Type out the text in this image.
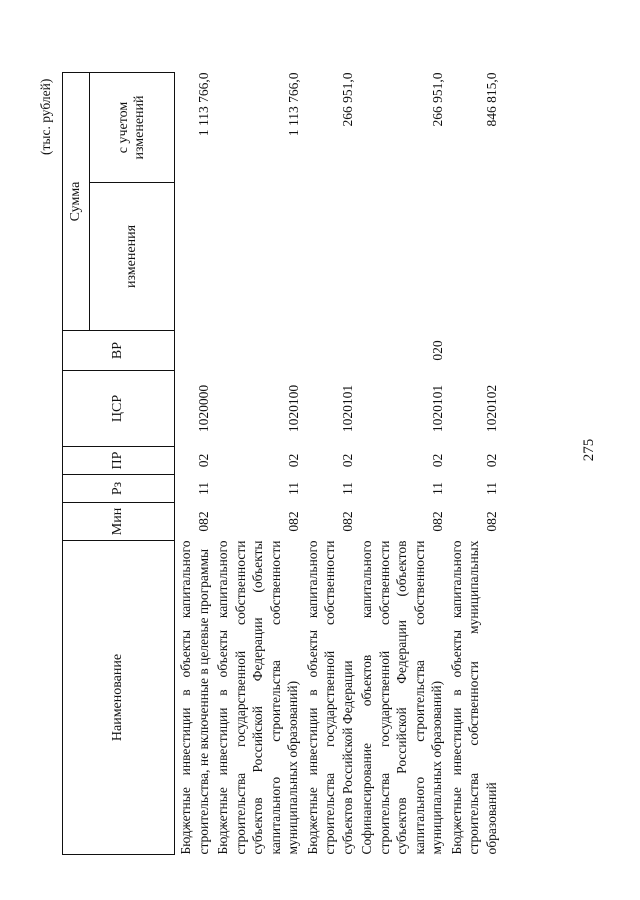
275
(тыс. рублей)
Наименование	Мин	Рз	ПР	ЦСР	ВР	Сумма	
						изменения	с учетом изменений
Бюджетные инвестиции в объекты капитального строительства, не включенные в целевые программы	082	11	02	1020000			1 113 766,0
Бюджетные инвестиции в объекты капитального строительства государственной собственности субъектов Российской Федерации (объекты капитального строительства собственности муниципальных образований)	082	11	02	1020100			1 113 766,0
Бюджетные инвестиции в объекты капитального строительства государственной собственности субъектов Российской Федерации	082	11	02	1020101			266 951,0
Софинансирование объектов капитального строительства государственной собственности субъектов Российской Федерации (объектов капитального строительства собственности муниципальных образований)	082	11	02	1020101	020		266 951,0
Бюджетные инвестиции в объекты капитального строительства собственности муниципальных образований	082	11	02	1020102			846 815,0
